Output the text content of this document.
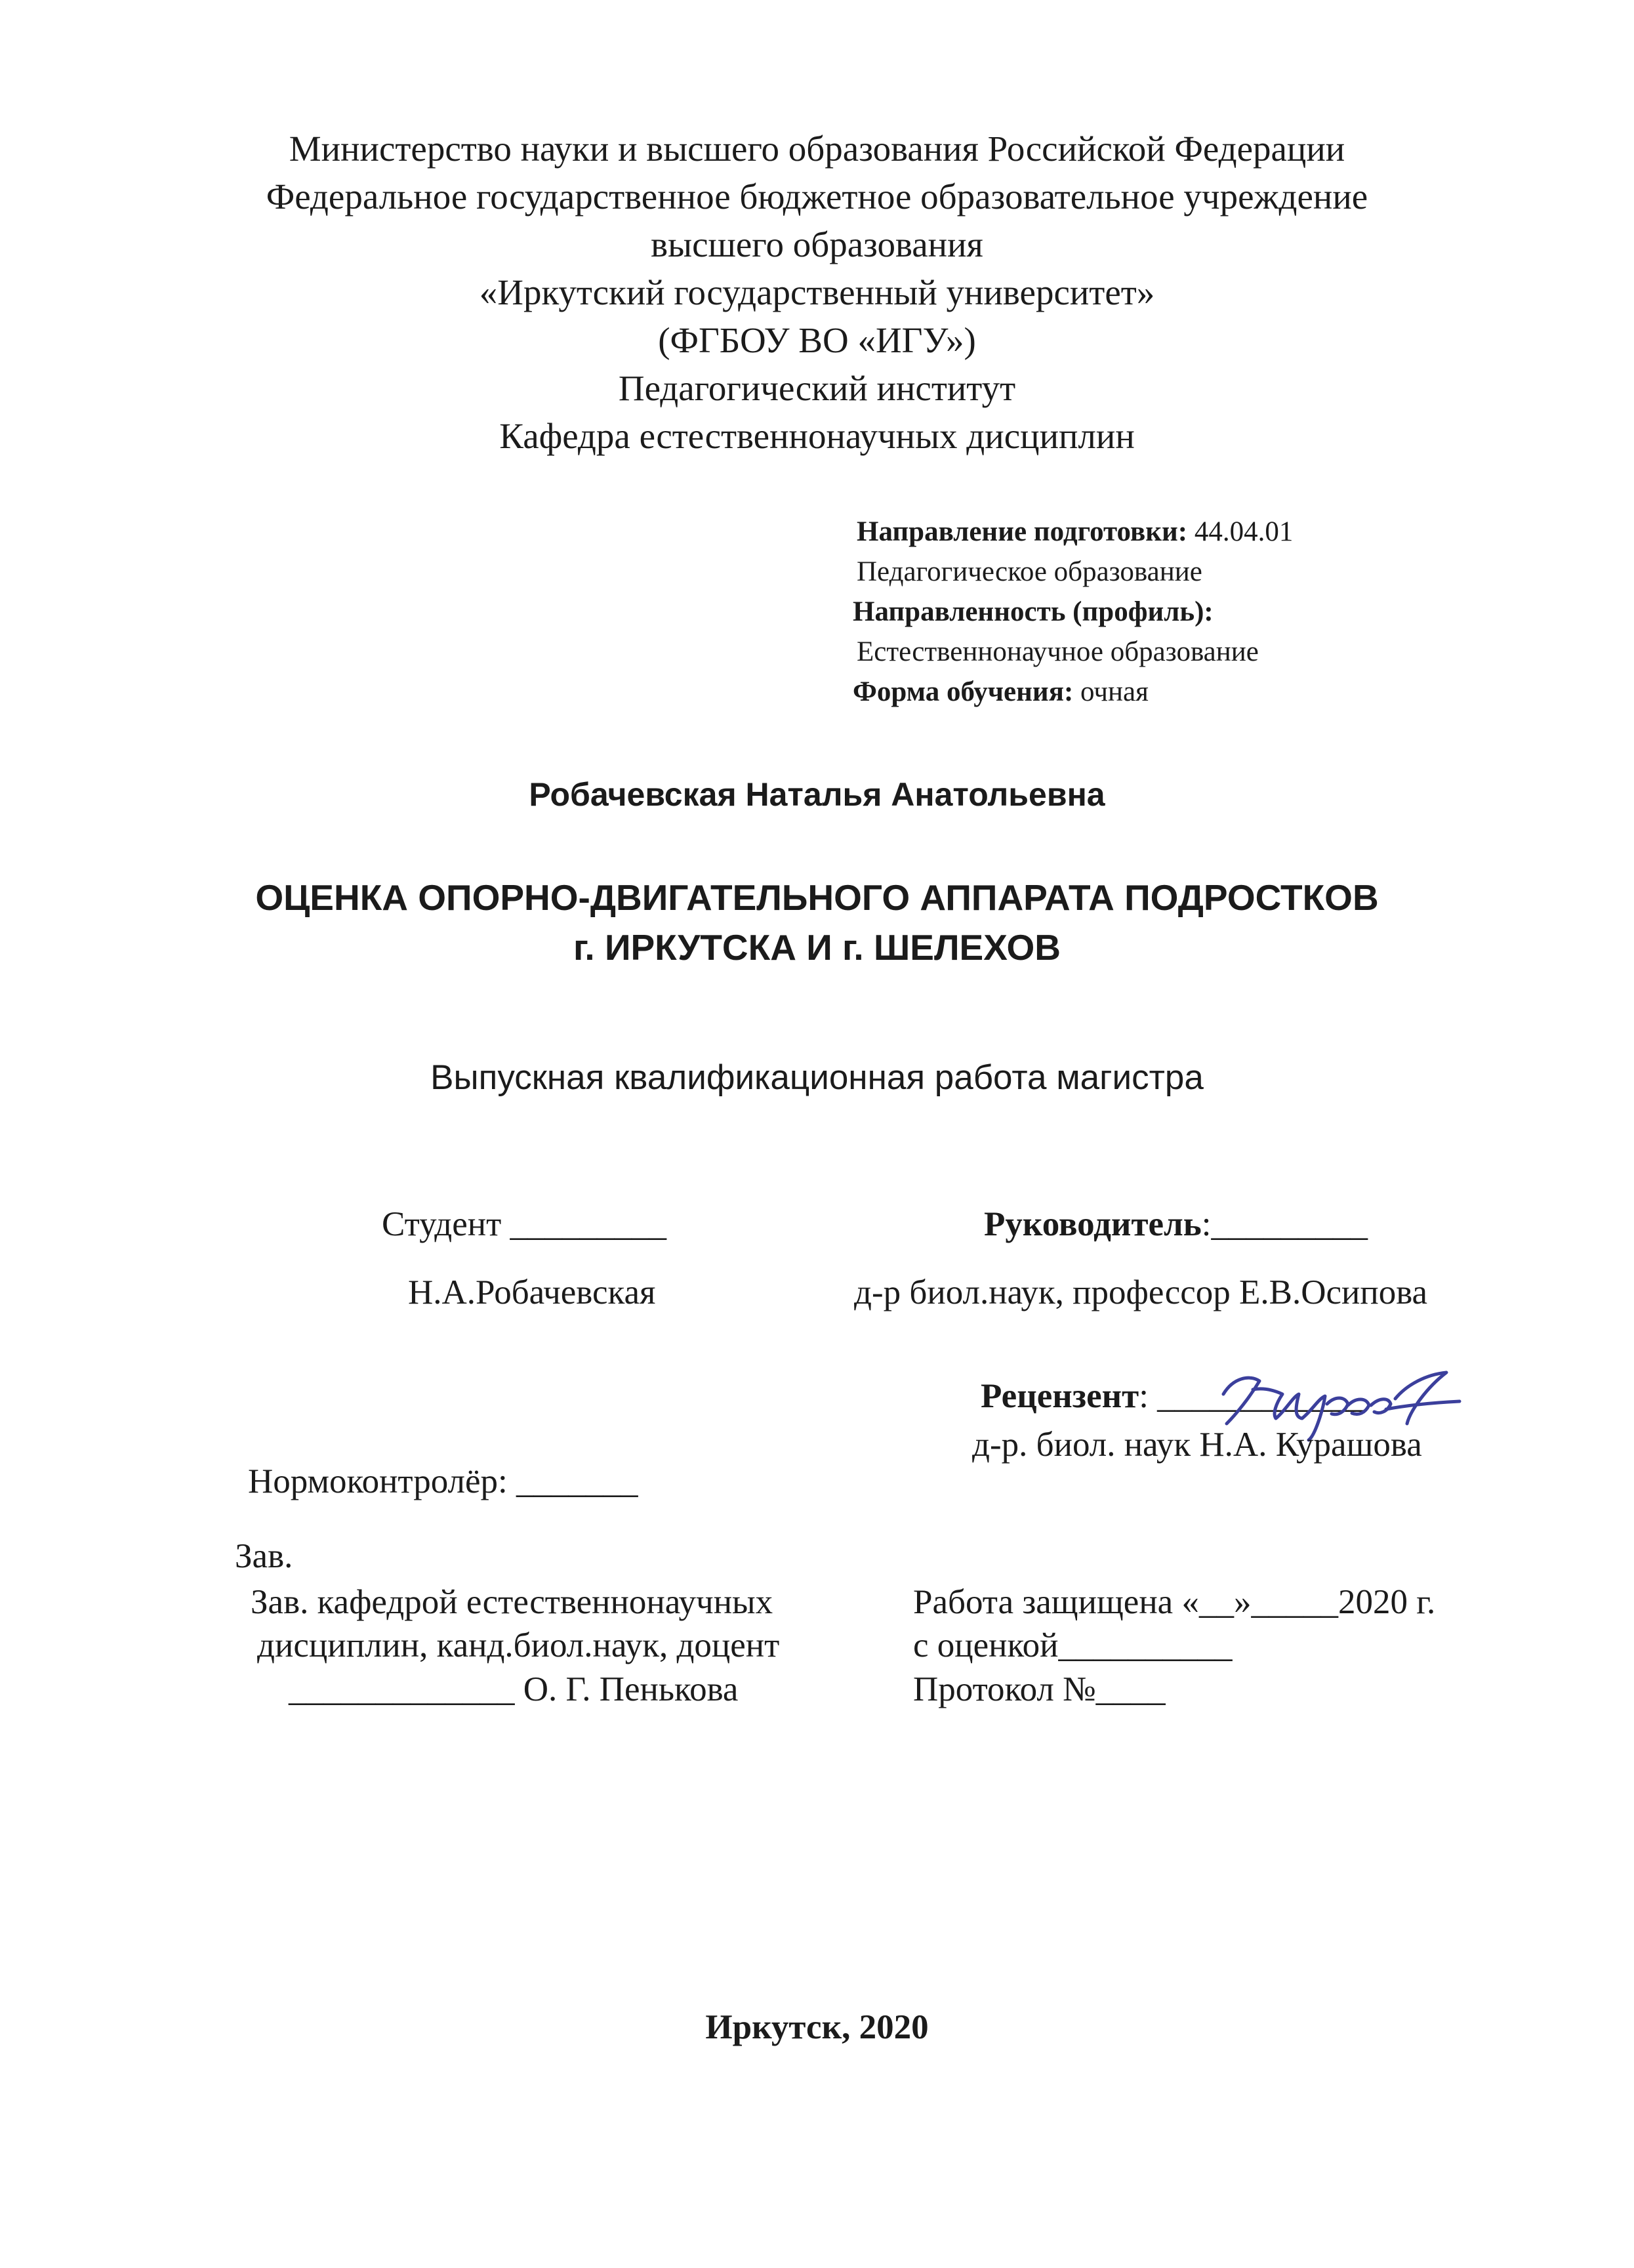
Министерство науки и высшего образования Российской Федерации
Федеральное государственное бюджетное образовательное учреждение
высшего образования
«Иркутский государственный университет»
(ФГБОУ ВО «ИГУ»)
Педагогический институт
Кафедра естественнонаучных дисциплин
Направление подготовки: 44.04.01
Педагогическое образование
Направленность (профиль):
Естественнонаучное образование
Форма обучения: очная
Робачевская Наталья Анатольевна
ОЦЕНКА ОПОРНО-ДВИГАТЕЛЬНОГО АППАРАТА ПОДРОСТКОВ
г. ИРКУТСКА И г. ШЕЛЕХОВ
Выпускная квалификационная работа магистра
Студент _________
Н.А.Робачевская
Руководитель:_________
д-р биол.наук, профессор Е.В.Осипова
Рецензент: ____________
д-р. биол. наук Н.А. Курашова
Нормоконтролёр: _______
Зав.
Зав. кафедрой естественнонаучных
дисциплин, канд.биол.наук, доцент
_____________ О. Г. Пенькова
Работа защищена «__»_____2020 г.
с оценкой__________
Протокол №____
Иркутск, 2020
